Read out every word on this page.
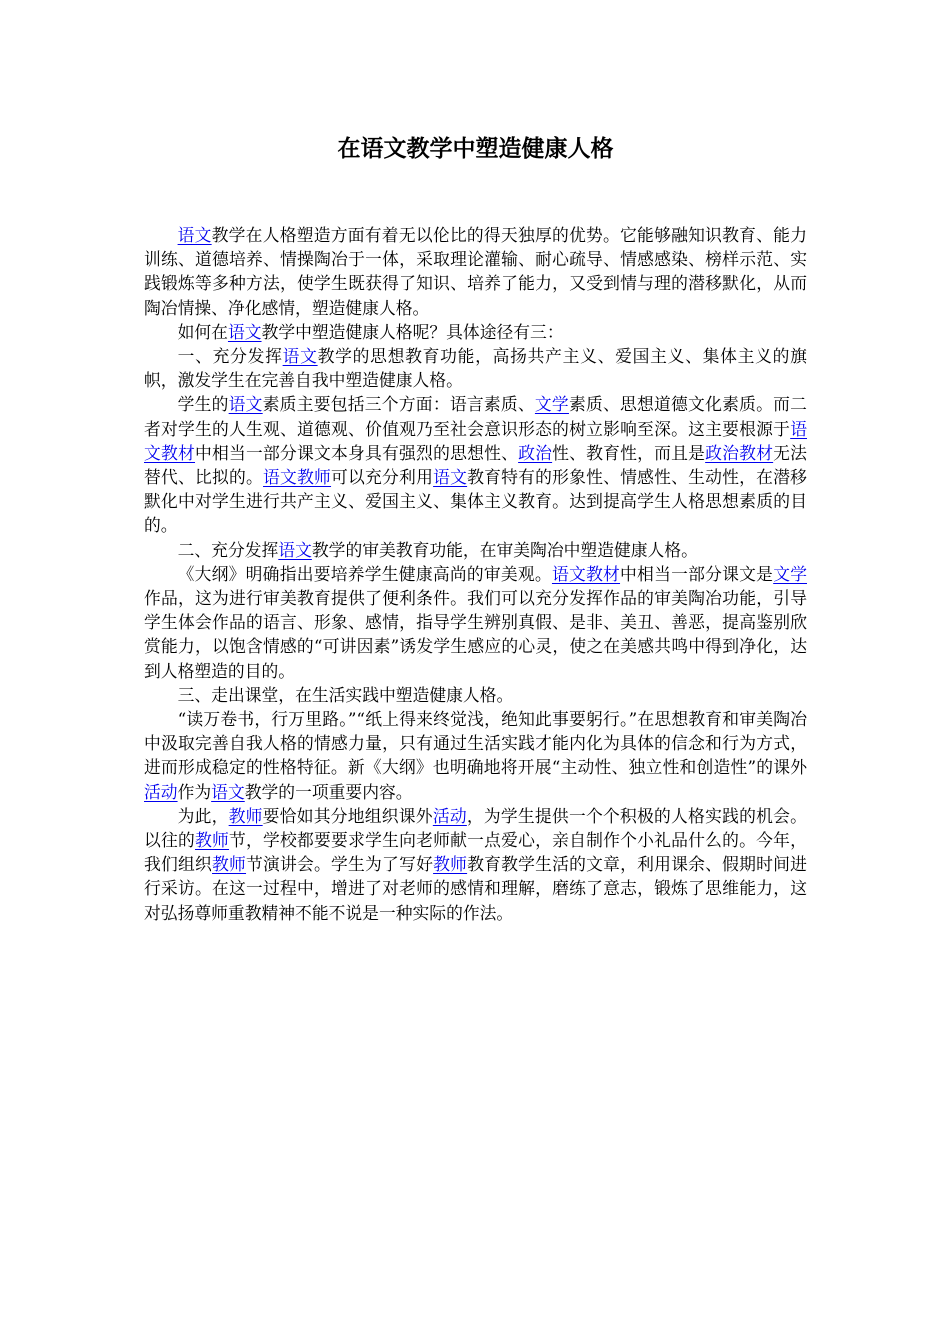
在语文教学中塑造健康人格

语文教学在人格塑造方面有着无以伦比的得天独厚的优势。它能够融知识教育、能力训练、道德培养、情操陶冶于一体，采取理论灌输、耐心疏导、情感感染、榜样示范、实践锻炼等多种方法，使学生既获得了知识、培养了能力，又受到情与理的潜移默化，从而陶冶情操、净化感情，塑造健康人格。

如何在语文教学中塑造健康人格呢？具体途径有三：

一、充分发挥语文教学的思想教育功能，高扬共产主义、爱国主义、集体主义的旗帜，激发学生在完善自我中塑造健康人格。

学生的语文素质主要包括三个方面：语言素质、文学素质、思想道德文化素质。而二者对学生的人生观、道德观、价值观乃至社会意识形态的树立影响至深。这主要根源于语文教材中相当一部分课文本身具有强烈的思想性、政治性、教育性，而且是政治教材无法替代、比拟的。语文教师可以充分利用语文教育特有的形象性、情感性、生动性，在潜移默化中对学生进行共产主义、爱国主义、集体主义教育。达到提高学生人格思想素质的目的。

二、充分发挥语文教学的审美教育功能，在审美陶冶中塑造健康人格。

《大纲》明确指出要培养学生健康高尚的审美观。语文教材中相当一部分课文是文学作品，这为进行审美教育提供了便利条件。我们可以充分发挥作品的审美陶冶功能，引导学生体会作品的语言、形象、感情，指导学生辨别真假、是非、美丑、善恶，提高鉴别欣赏能力，以饱含情感的“可讲因素”诱发学生感应的心灵，使之在美感共鸣中得到净化，达到人格塑造的目的。

三、走出课堂，在生活实践中塑造健康人格。

“读万卷书，行万里路。”“纸上得来终觉浅，绝知此事要躬行。”在思想教育和审美陶冶中汲取完善自我人格的情感力量，只有通过生活实践才能内化为具体的信念和行为方式，进而形成稳定的性格特征。新《大纲》也明确地将开展“主动性、独立性和创造性”的课外活动作为语文教学的一项重要内容。

为此，教师要恰如其分地组织课外活动，为学生提供一个个积极的人格实践的机会。以往的教师节，学校都要要求学生向老师献一点爱心，亲自制作个小礼品什么的。今年，我们组织教师节演讲会。学生为了写好教师教育教学生活的文章，利用课余、假期时间进行采访。在这一过程中，增进了对老师的感情和理解，磨练了意志，锻炼了思维能力，这对弘扬尊师重教精神不能不说是一种实际的作法。
